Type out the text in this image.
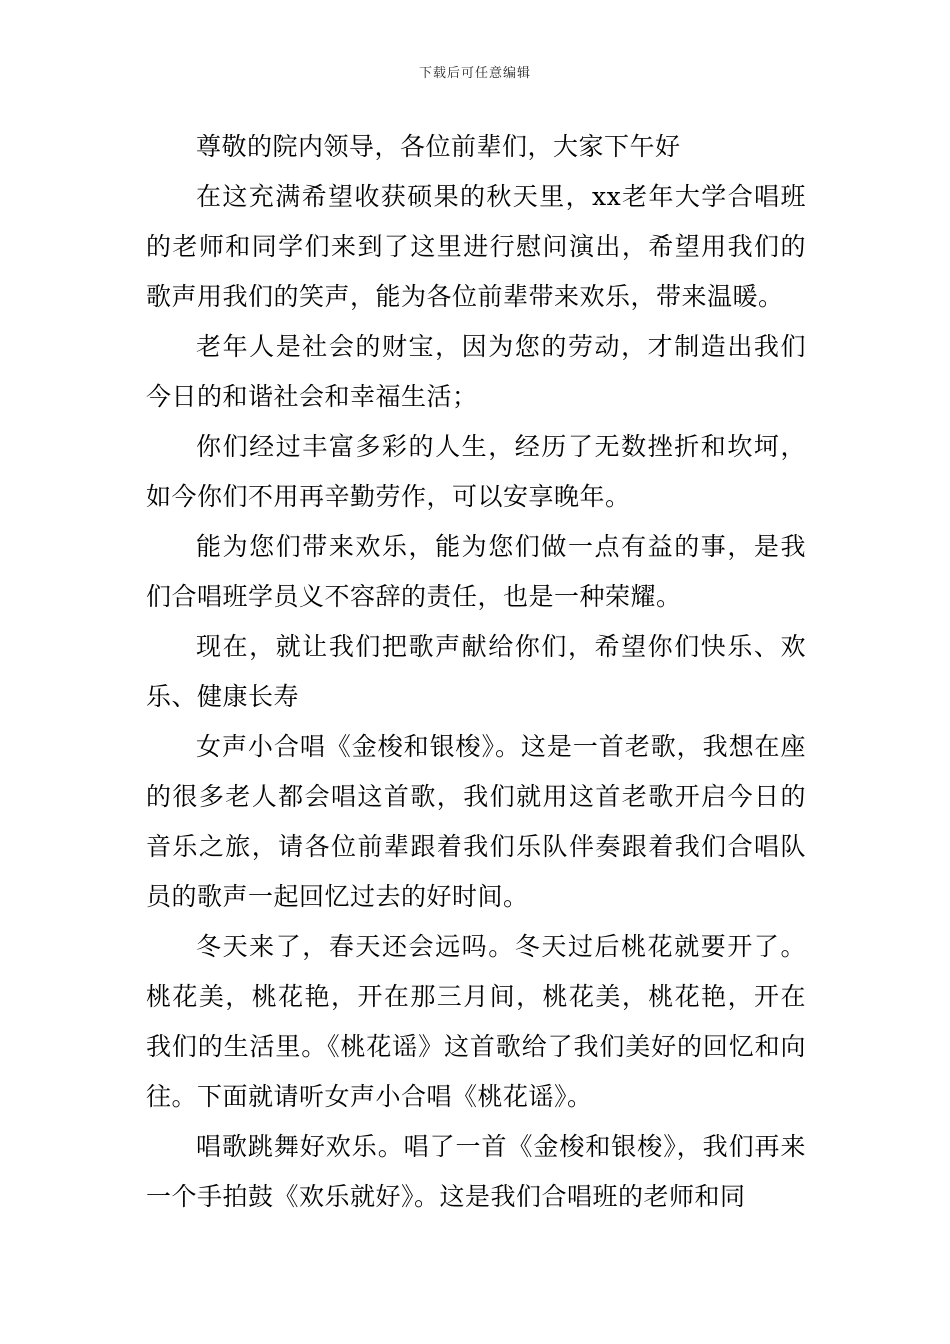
下载后可任意编辑

尊敬的院内领导，各位前辈们，大家下午好

在这充满希望收获硕果的秋天里，xx老年大学合唱班的老师和同学们来到了这里进行慰问演出，希望用我们的歌声用我们的笑声，能为各位前辈带来欢乐，带来温暖。

老年人是社会的财宝，因为您的劳动，才制造出我们今日的和谐社会和幸福生活；

你们经过丰富多彩的人生，经历了无数挫折和坎坷，如今你们不用再辛勤劳作，可以安享晚年。

能为您们带来欢乐，能为您们做一点有益的事，是我们合唱班学员义不容辞的责任，也是一种荣耀。

现在，就让我们把歌声献给你们，希望你们快乐、欢乐、健康长寿

女声小合唱《金梭和银梭》。这是一首老歌，我想在座的很多老人都会唱这首歌，我们就用这首老歌开启今日的音乐之旅，请各位前辈跟着我们乐队伴奏跟着我们合唱队员的歌声一起回忆过去的好时间。

冬天来了，春天还会远吗。冬天过后桃花就要开了。桃花美，桃花艳，开在那三月间，桃花美，桃花艳，开在我们的生活里。《桃花谣》这首歌给了我们美好的回忆和向往。下面就请听女声小合唱《桃花谣》。

唱歌跳舞好欢乐。唱了一首《金梭和银梭》，我们再来一个手拍鼓《欢乐就好》。这是我们合唱班的老师和同
